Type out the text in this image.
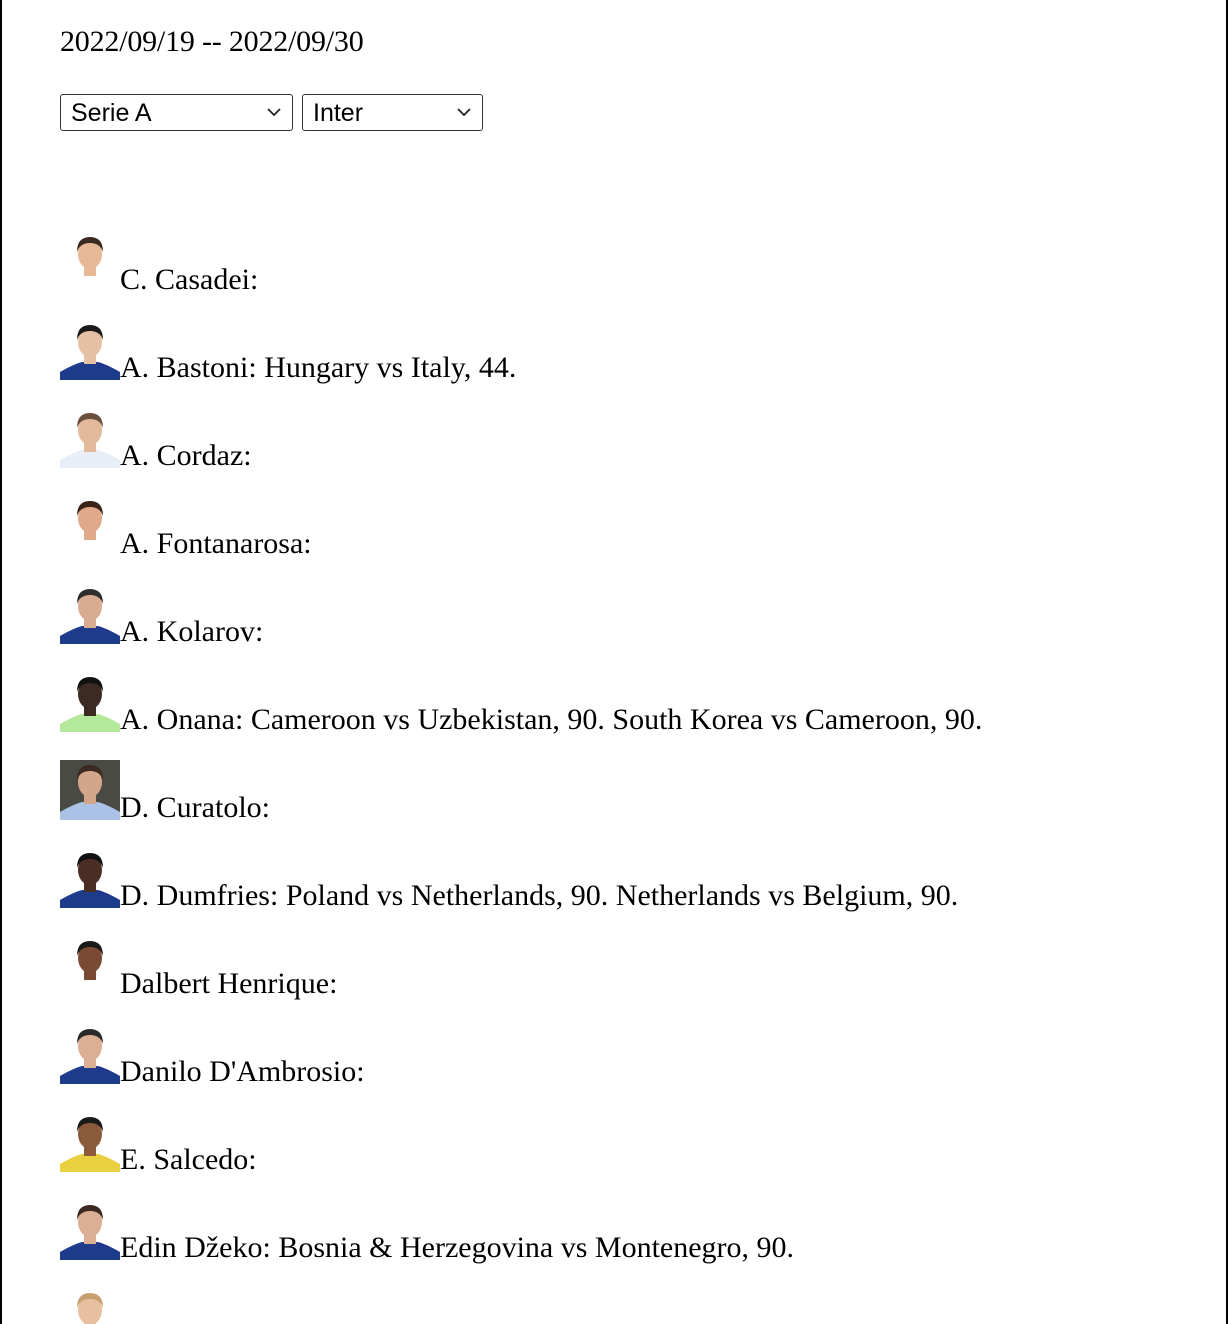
2022/09/19 -- 2022/09/30
Serie A	Inter
C. Casadei:
A. Bastoni: Hungary vs Italy, 44.
A. Cordaz:
A. Fontanarosa:
A. Kolarov:
A. Onana: Cameroon vs Uzbekistan, 90. South Korea vs Cameroon, 90.
D. Curatolo:
D. Dumfries: Poland vs Netherlands, 90. Netherlands vs Belgium, 90.
Dalbert Henrique:
Danilo D'Ambrosio:
E. Salcedo:
Edin Džeko: Bosnia & Herzegovina vs Montenegro, 90.
